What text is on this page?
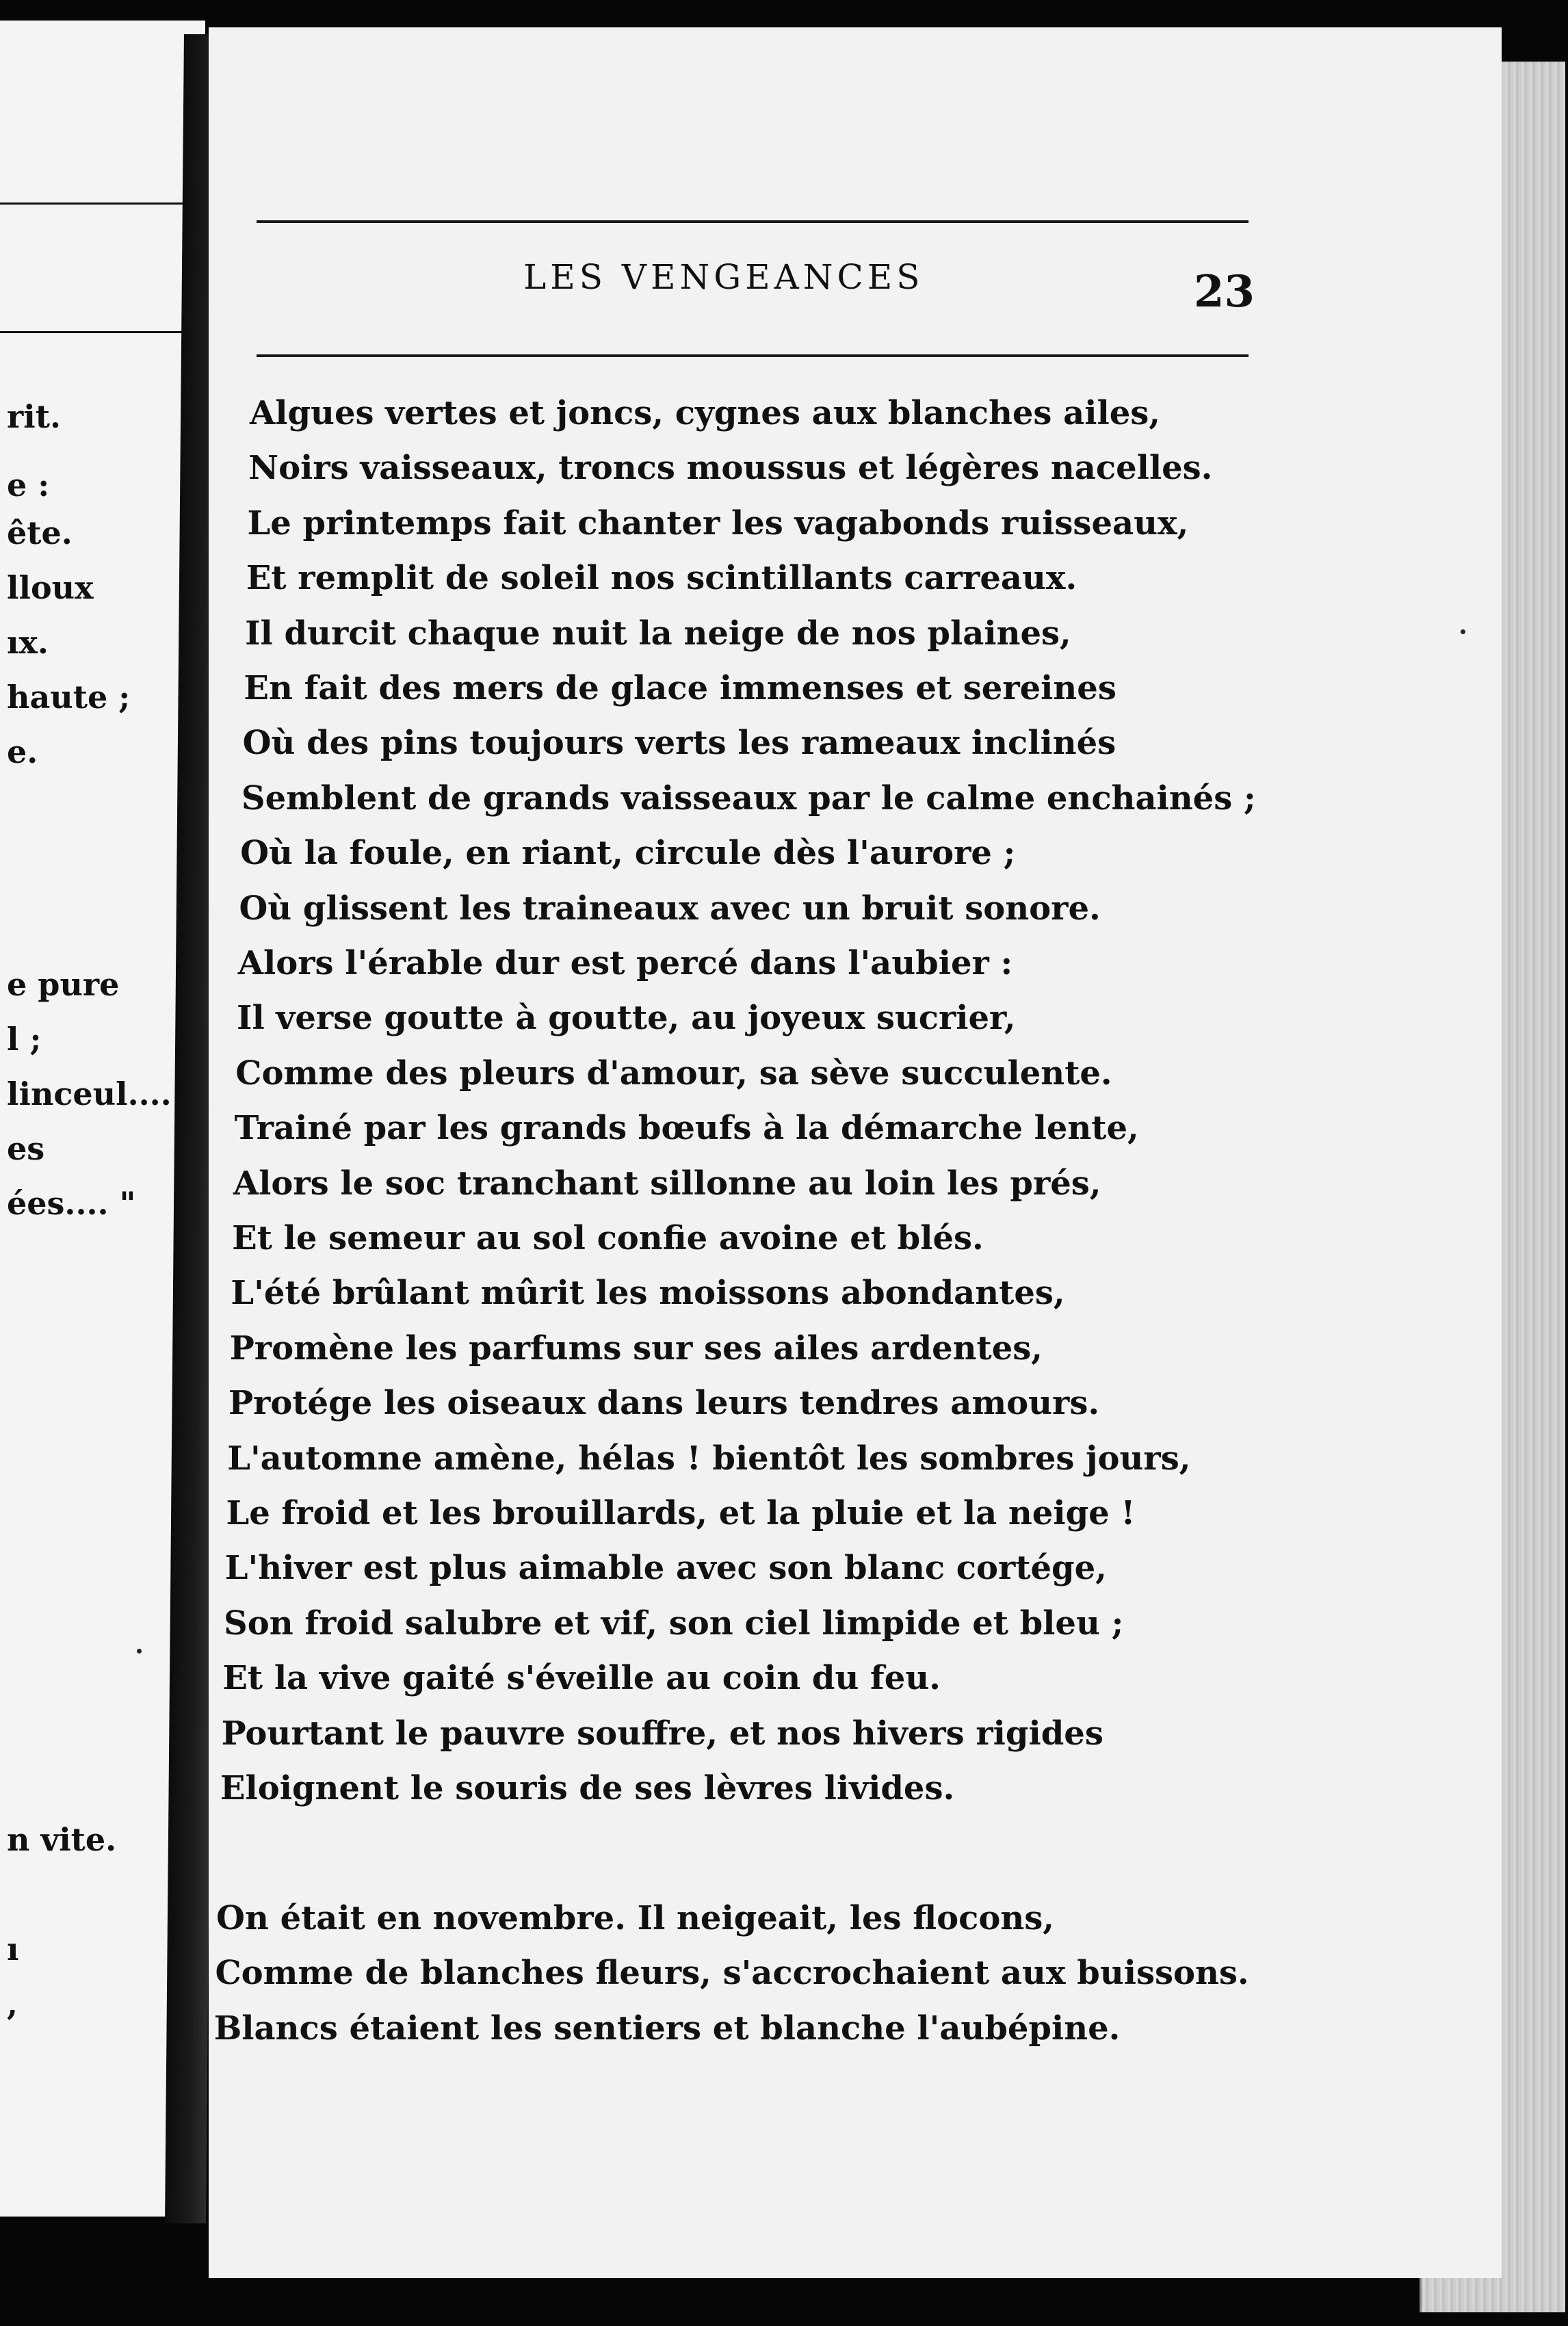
rit.
e :
ête.
lloux
ıx.
haute ;
e.
e pure
l ;
linceul....
es
ées.... "
n vite.
ı
,
LES VENGEANCES	23
Algues vertes et joncs, cygnes aux blanches ailes,
Noirs vaisseaux, troncs moussus et légères nacelles.
Le printemps fait chanter les vagabonds ruisseaux,
Et remplit de soleil nos scintillants carreaux.
Il durcit chaque nuit la neige de nos plaines,
En fait des mers de glace immenses et sereines
Où des pins toujours verts les rameaux inclinés
Semblent de grands vaisseaux par le calme enchainés ;
Où la foule, en riant, circule dès l'aurore ;
Où glissent les traineaux avec un bruit sonore.
Alors l'érable dur est percé dans l'aubier :
Il verse goutte à goutte, au joyeux sucrier,
Comme des pleurs d'amour, sa sève succulente.
Trainé par les grands bœufs à la démarche lente,
Alors le soc tranchant sillonne au loin les prés,
Et le semeur au sol confie avoine et blés.
L'été brûlant mûrit les moissons abondantes,
Promène les parfums sur ses ailes ardentes,
Protége les oiseaux dans leurs tendres amours.
L'automne amène, hélas ! bientôt les sombres jours,
Le froid et les brouillards, et la pluie et la neige !
L'hiver est plus aimable avec son blanc cortége,
Son froid salubre et vif, son ciel limpide et bleu ;
Et la vive gaité s'éveille au coin du feu.
Pourtant le pauvre souffre, et nos hivers rigides
Eloignent le souris de ses lèvres livides.
On était en novembre. Il neigeait, les flocons,
Comme de blanches fleurs, s'accrochaient aux buissons.
Blancs étaient les sentiers et blanche l'aubépine.
